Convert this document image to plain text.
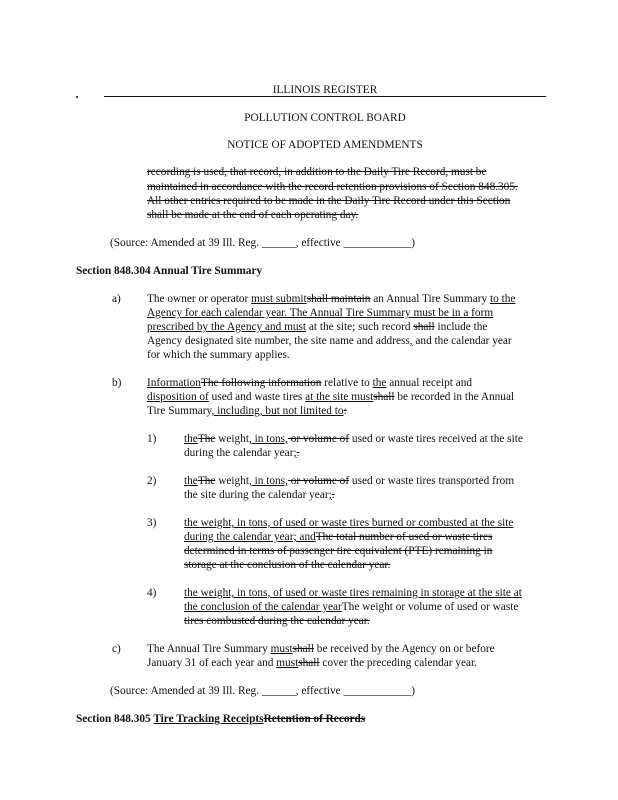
ILLINOIS REGISTER
POLLUTION CONTROL BOARD
NOTICE OF ADOPTED AMENDMENTS
recording is used, that record, in addition to the Daily Tire Record, must be
maintained in accordance with the record retention provisions of Section 848.305.
All other entries required to be made in the Daily Tire Record under this Section
shall be made at the end of each operating day.
(Source: Amended at 39 Ill. Reg. ______, effective ____________)
Section 848.304 Annual Tire Summary
a) The owner or operator must submitshall maintain an Annual Tire Summary to the
Agency for each calendar year. The Annual Tire Summary must be in a form
prescribed by the Agency and must at the site; such record shall include the
Agency designated site number, the site name and address, and the calendar year
for which the summary applies.
b) InformationThe following information relative to the annual receipt and
disposition of used and waste tires at the site mustshall be recorded in the Annual
Tire Summary, including, but not limited to:
1) theThe weight, in tons, or volume of used or waste tires received at the site
during the calendar year;.
2) theThe weight, in tons, or volume of used or waste tires transported from
the site during the calendar year;.
3) the weight, in tons, of used or waste tires burned or combusted at the site
during the calendar year; andThe total number of used or waste tires
determined in terms of passenger tire equivalent (PTE) remaining in
storage at the conclusion of the calendar year.
4) the weight, in tons, of used or waste tires remaining in storage at the site at
the conclusion of the calendar yearThe weight or volume of used or waste
tires combusted during the calendar year.
c) The Annual Tire Summary mustshall be received by the Agency on or before
January 31 of each year and mustshall cover the preceding calendar year.
(Source: Amended at 39 Ill. Reg. ______, effective ____________)
Section 848.305 Tire Tracking ReceiptsRetention of Records
